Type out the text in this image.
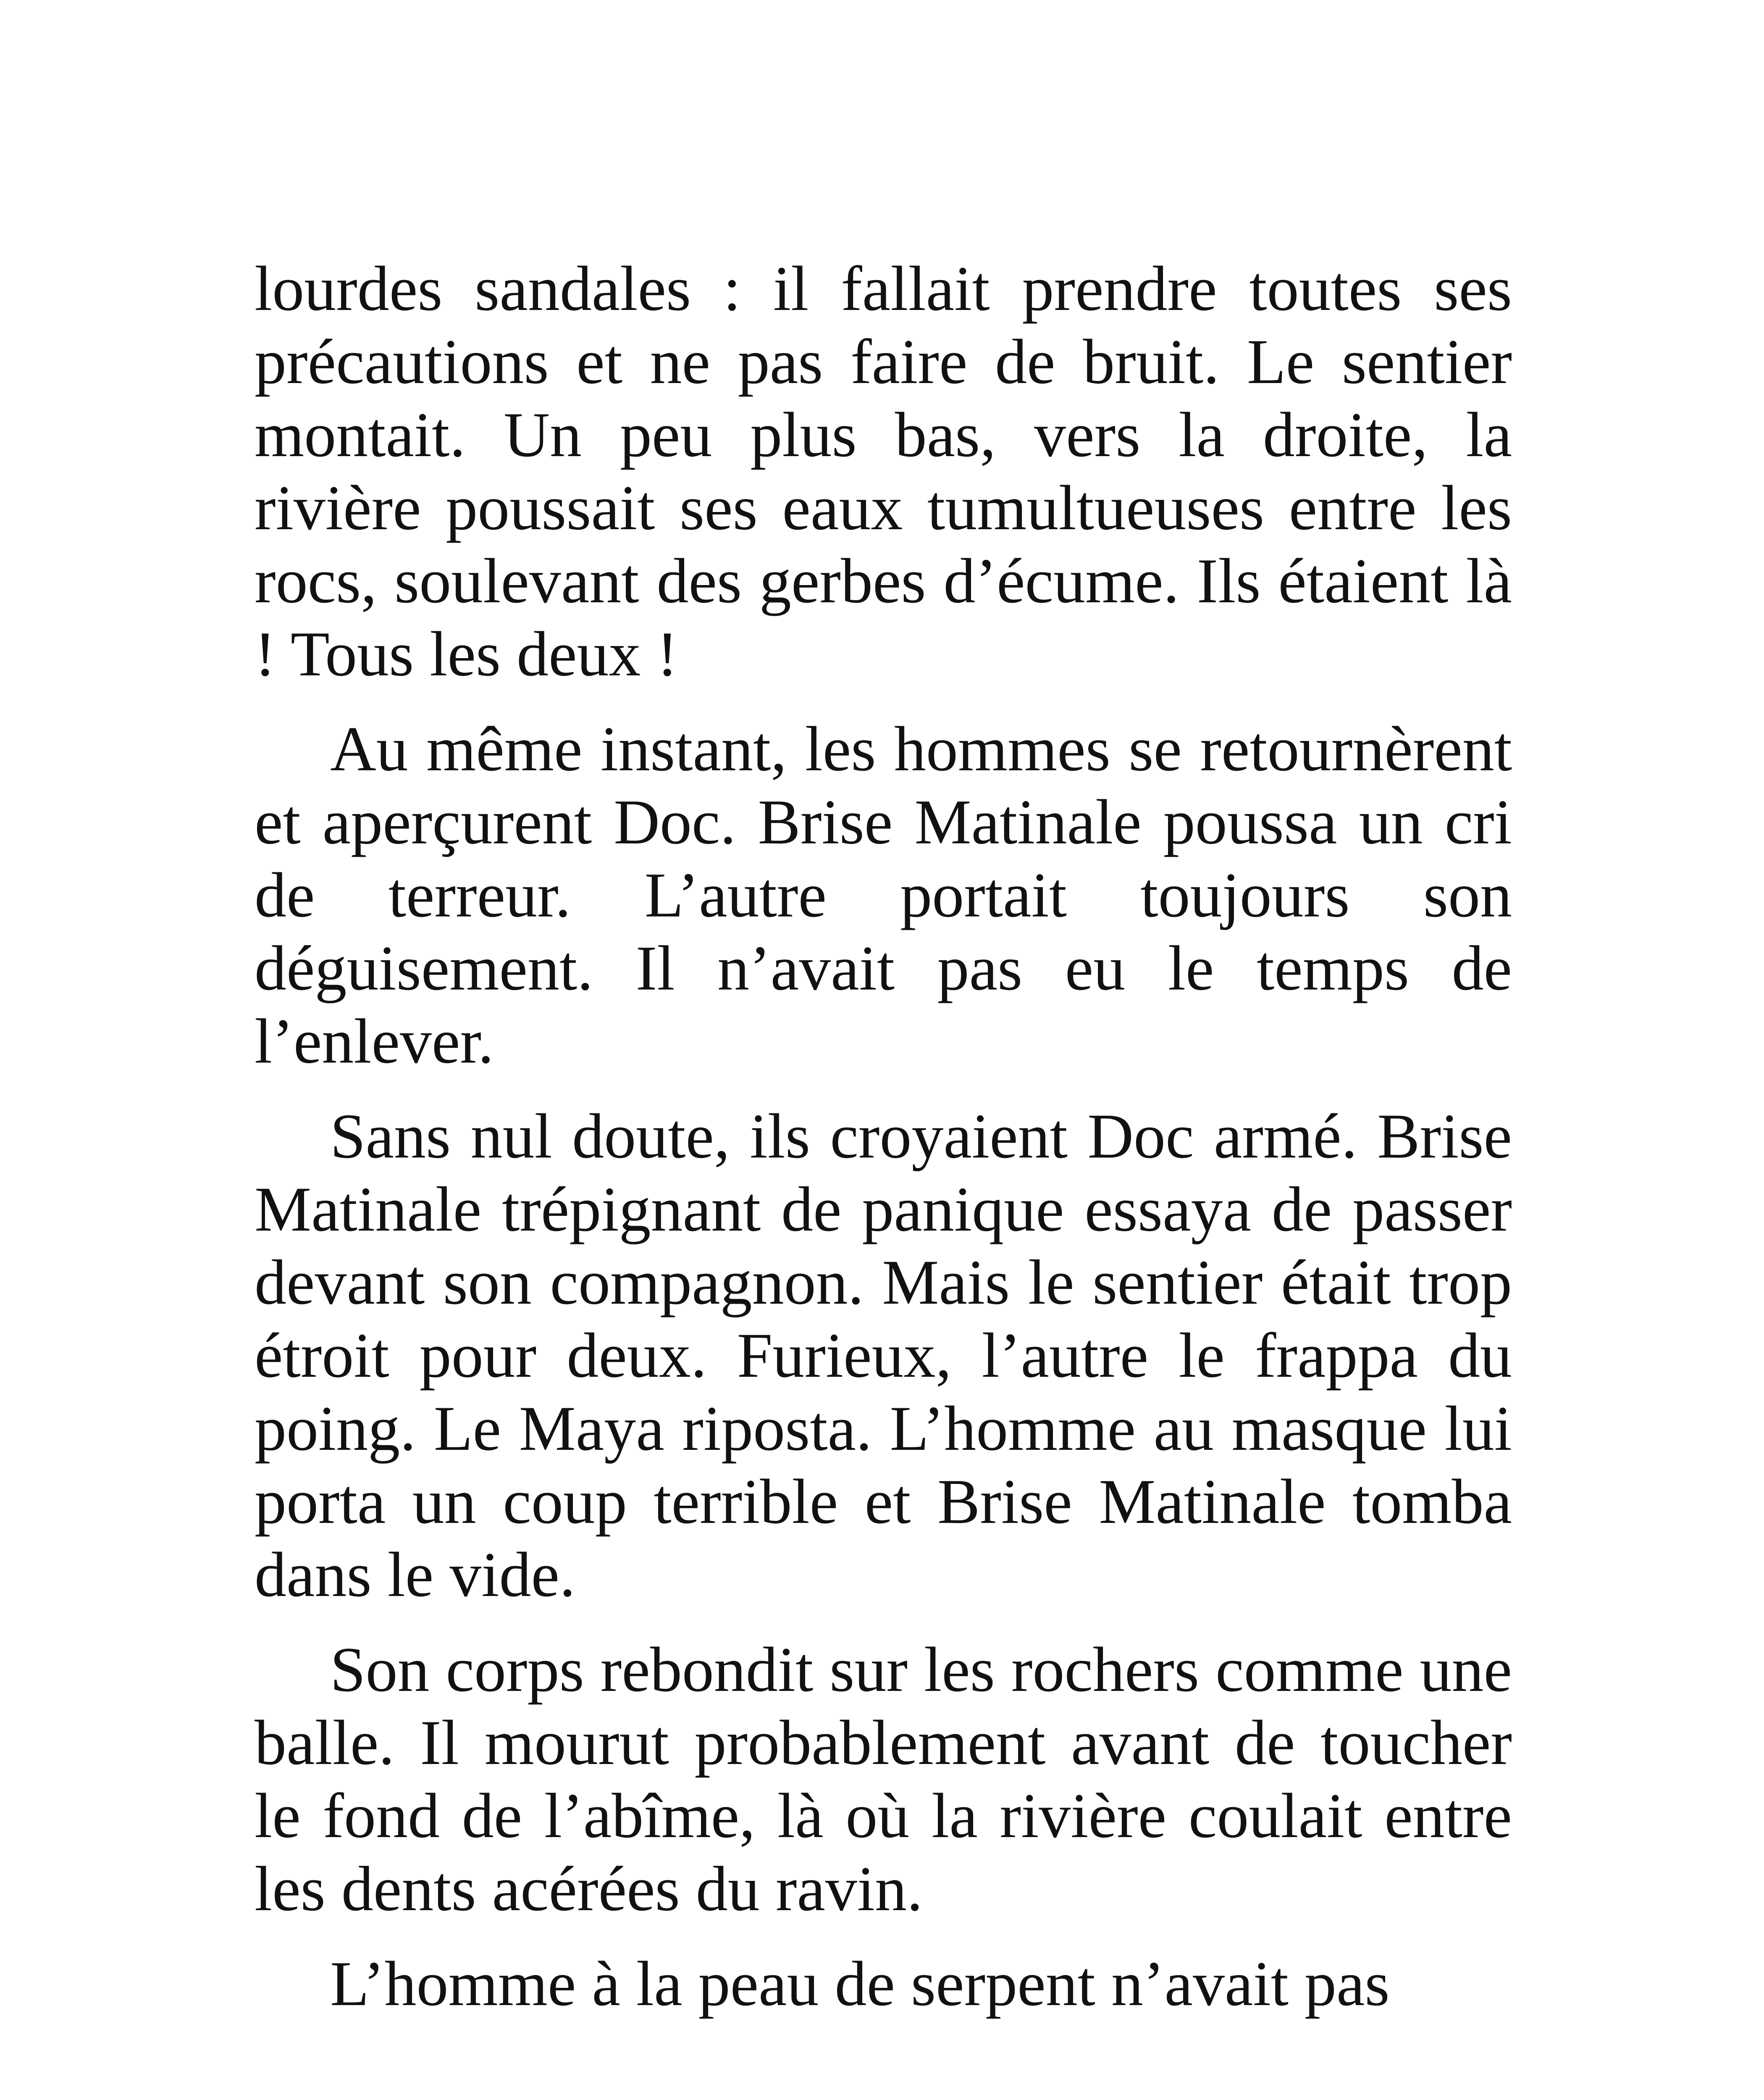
lourdes sandales : il fallait prendre toutes ses précautions et ne pas faire de bruit. Le sentier montait. Un peu plus bas, vers la droite, la rivière poussait ses eaux tumultueuses entre les rocs, soulevant des gerbes d’écume. Ils étaient là ! Tous les deux !

Au même instant, les hommes se retournèrent et aperçurent Doc. Brise Matinale poussa un cri de terreur. L’autre portait toujours son déguisement. Il n’avait pas eu le temps de l’enlever.

Sans nul doute, ils croyaient Doc armé. Brise Matinale trépignant de panique essaya de passer devant son compagnon. Mais le sentier était trop étroit pour deux. Furieux, l’autre le frappa du poing. Le Maya riposta. L’homme au masque lui porta un coup terrible et Brise Matinale tomba dans le vide.

Son corps rebondit sur les rochers comme une balle. Il mourut probablement avant de toucher le fond de l’abîme, là où la rivière coulait entre les dents acérées du ravin.

L’homme à la peau de serpent n’avait pas
